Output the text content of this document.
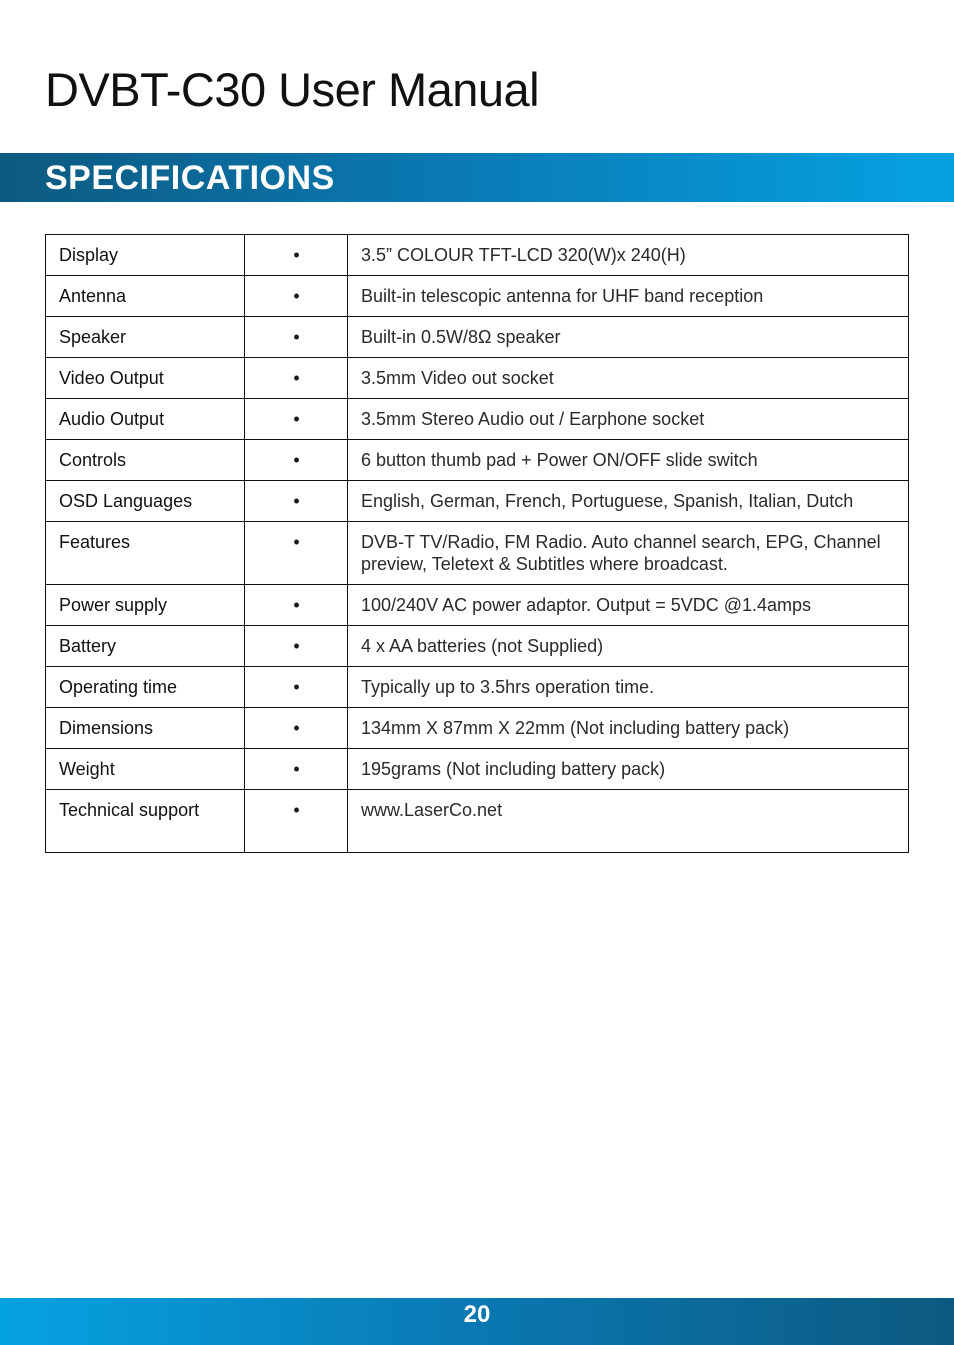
DVBT-C30 User Manual
SPECIFICATIONS
Display	•	3.5” COLOUR TFT-LCD 320(W)x 240(H)
Antenna	•	Built-in telescopic antenna for UHF band reception
Speaker	•	Built-in 0.5W/8Ω speaker
Video Output	•	3.5mm Video out socket
Audio Output	•	3.5mm Stereo Audio out / Earphone socket
Controls	•	6 button thumb pad + Power ON/OFF slide switch
OSD Languages	•	English, German, French, Portuguese, Spanish, Italian, Dutch
Features	•	DVB-T TV/Radio, FM Radio. Auto channel search, EPG, Channel preview, Teletext & Subtitles where broadcast.
Power supply	•	100/240V AC power adaptor. Output = 5VDC @1.4amps
Battery	•	4 x AA batteries (not Supplied)
Operating time	•	Typically up to 3.5hrs operation time.
Dimensions	•	134mm X 87mm X 22mm (Not including battery pack)
Weight	•	195grams (Not including battery pack)
Technical support	•	www.LaserCo.net
20
